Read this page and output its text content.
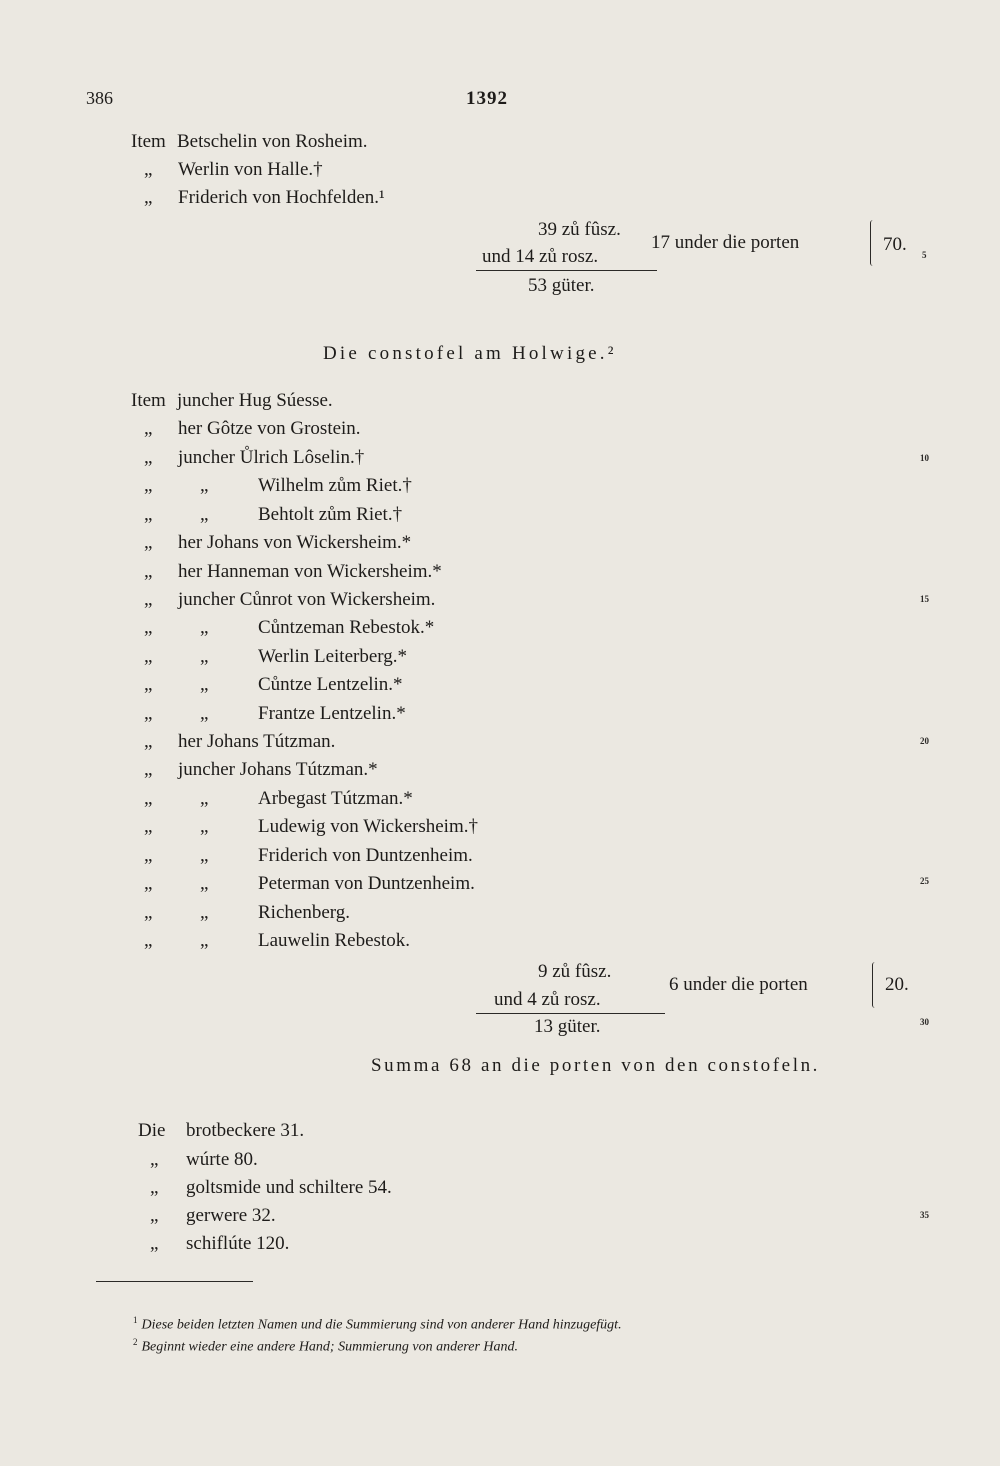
386	1392
Item Betschelin von Rosheim.
„ Werlin von Halle.†
„ Friderich von Hochfelden.¹
39 zů fûsz.
und 14 zů rosz.
17 under die porten
53 güter.
70.
Die constofel am Holwige.²
Item juncher Hug Súesse.
„ her Gôtze von Grostein.
„ juncher Ůlrich Lôselin.†
„	„	Wilhelm zům Riet.†
„	„	Behtolt zům Riet.†
„ her Johans von Wickersheim.*
„ her Hanneman von Wickersheim.*
„ juncher Cůnrot von Wickersheim.
„	„	Cůntzeman Rebestok.*
„	„	Werlin Leiterberg.*
„	„	Cůntze Lentzelin.*
„	„	Frantze Lentzelin.*
„ her Johans Tútzman.
„ juncher Johans Tútzman.*
„	„	Arbegast Tútzman.*
„	„	Ludewig von Wickersheim.†
„	„	Friderich von Duntzenheim.
„	„	Peterman von Duntzenheim.
„	„	Richenberg.
„	„	Lauwelin Rebestok.
9 zů fûsz.
und 4 zů rosz.
6 under die porten
13 güter.
20.
Summa 68 an die porten von den constofeln.
Die brotbeckere 31.
„ wúrte 80.
„ goltsmide und schiltere 54.
„ gerwere 32.
„ schiflúte 120.
5
10
15
20
25
30
35
$^1$ Diese beiden letzten Namen und die Summierung sind von anderer Hand hinzugefügt.
$^2$ Beginnt wieder eine andere Hand; Summierung von anderer Hand.
